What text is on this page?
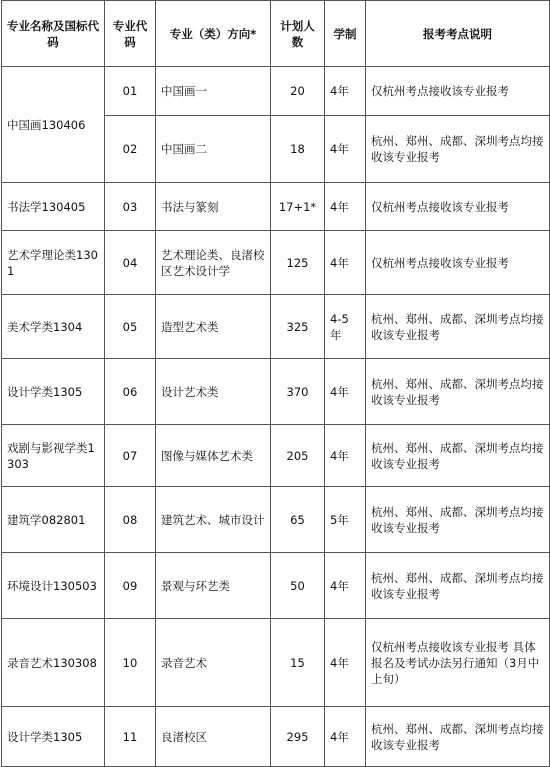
专业名称及国标代码	专业代码	专业（类）方向*	计划人数	学制	报考考点说明
中国画130406	01	中国画一	20	4年	仅杭州考点接收该专业报考
	02	中国画二	18	4年	杭州、郑州、成都、深圳考点均接收该专业报考
书法学130405	03	书法与篆刻	17+1*	4年	仅杭州考点接收该专业报考
艺术学理论类1301	04	艺术理论类、良渚校区艺术设计学	125	4年	仅杭州考点接收该专业报考
美术学类1304	05	造型艺术类	325	4-5年	杭州、郑州、成都、深圳考点均接收该专业报考
设计学类1305	06	设计艺术类	370	4年	杭州、郑州、成都、深圳考点均接收该专业报考
戏剧与影视学类1303	07	图像与媒体艺术类	205	4年	杭州、郑州、成都、深圳考点均接收该专业报考
建筑学082801	08	建筑艺术、城市设计	65	5年	杭州、郑州、成都、深圳考点均接收该专业报考
环境设计130503	09	景观与环艺类	50	4年	杭州、郑州、成都、深圳考点均接收该专业报考
录音艺术130308	10	录音艺术	15	4年	仅杭州考点接收该专业报考 具体报名及考试办法另行通知（3月中上旬）
设计学类1305	11	良渚校区	295	4年	杭州、郑州、成都、深圳考点均接收该专业报考
